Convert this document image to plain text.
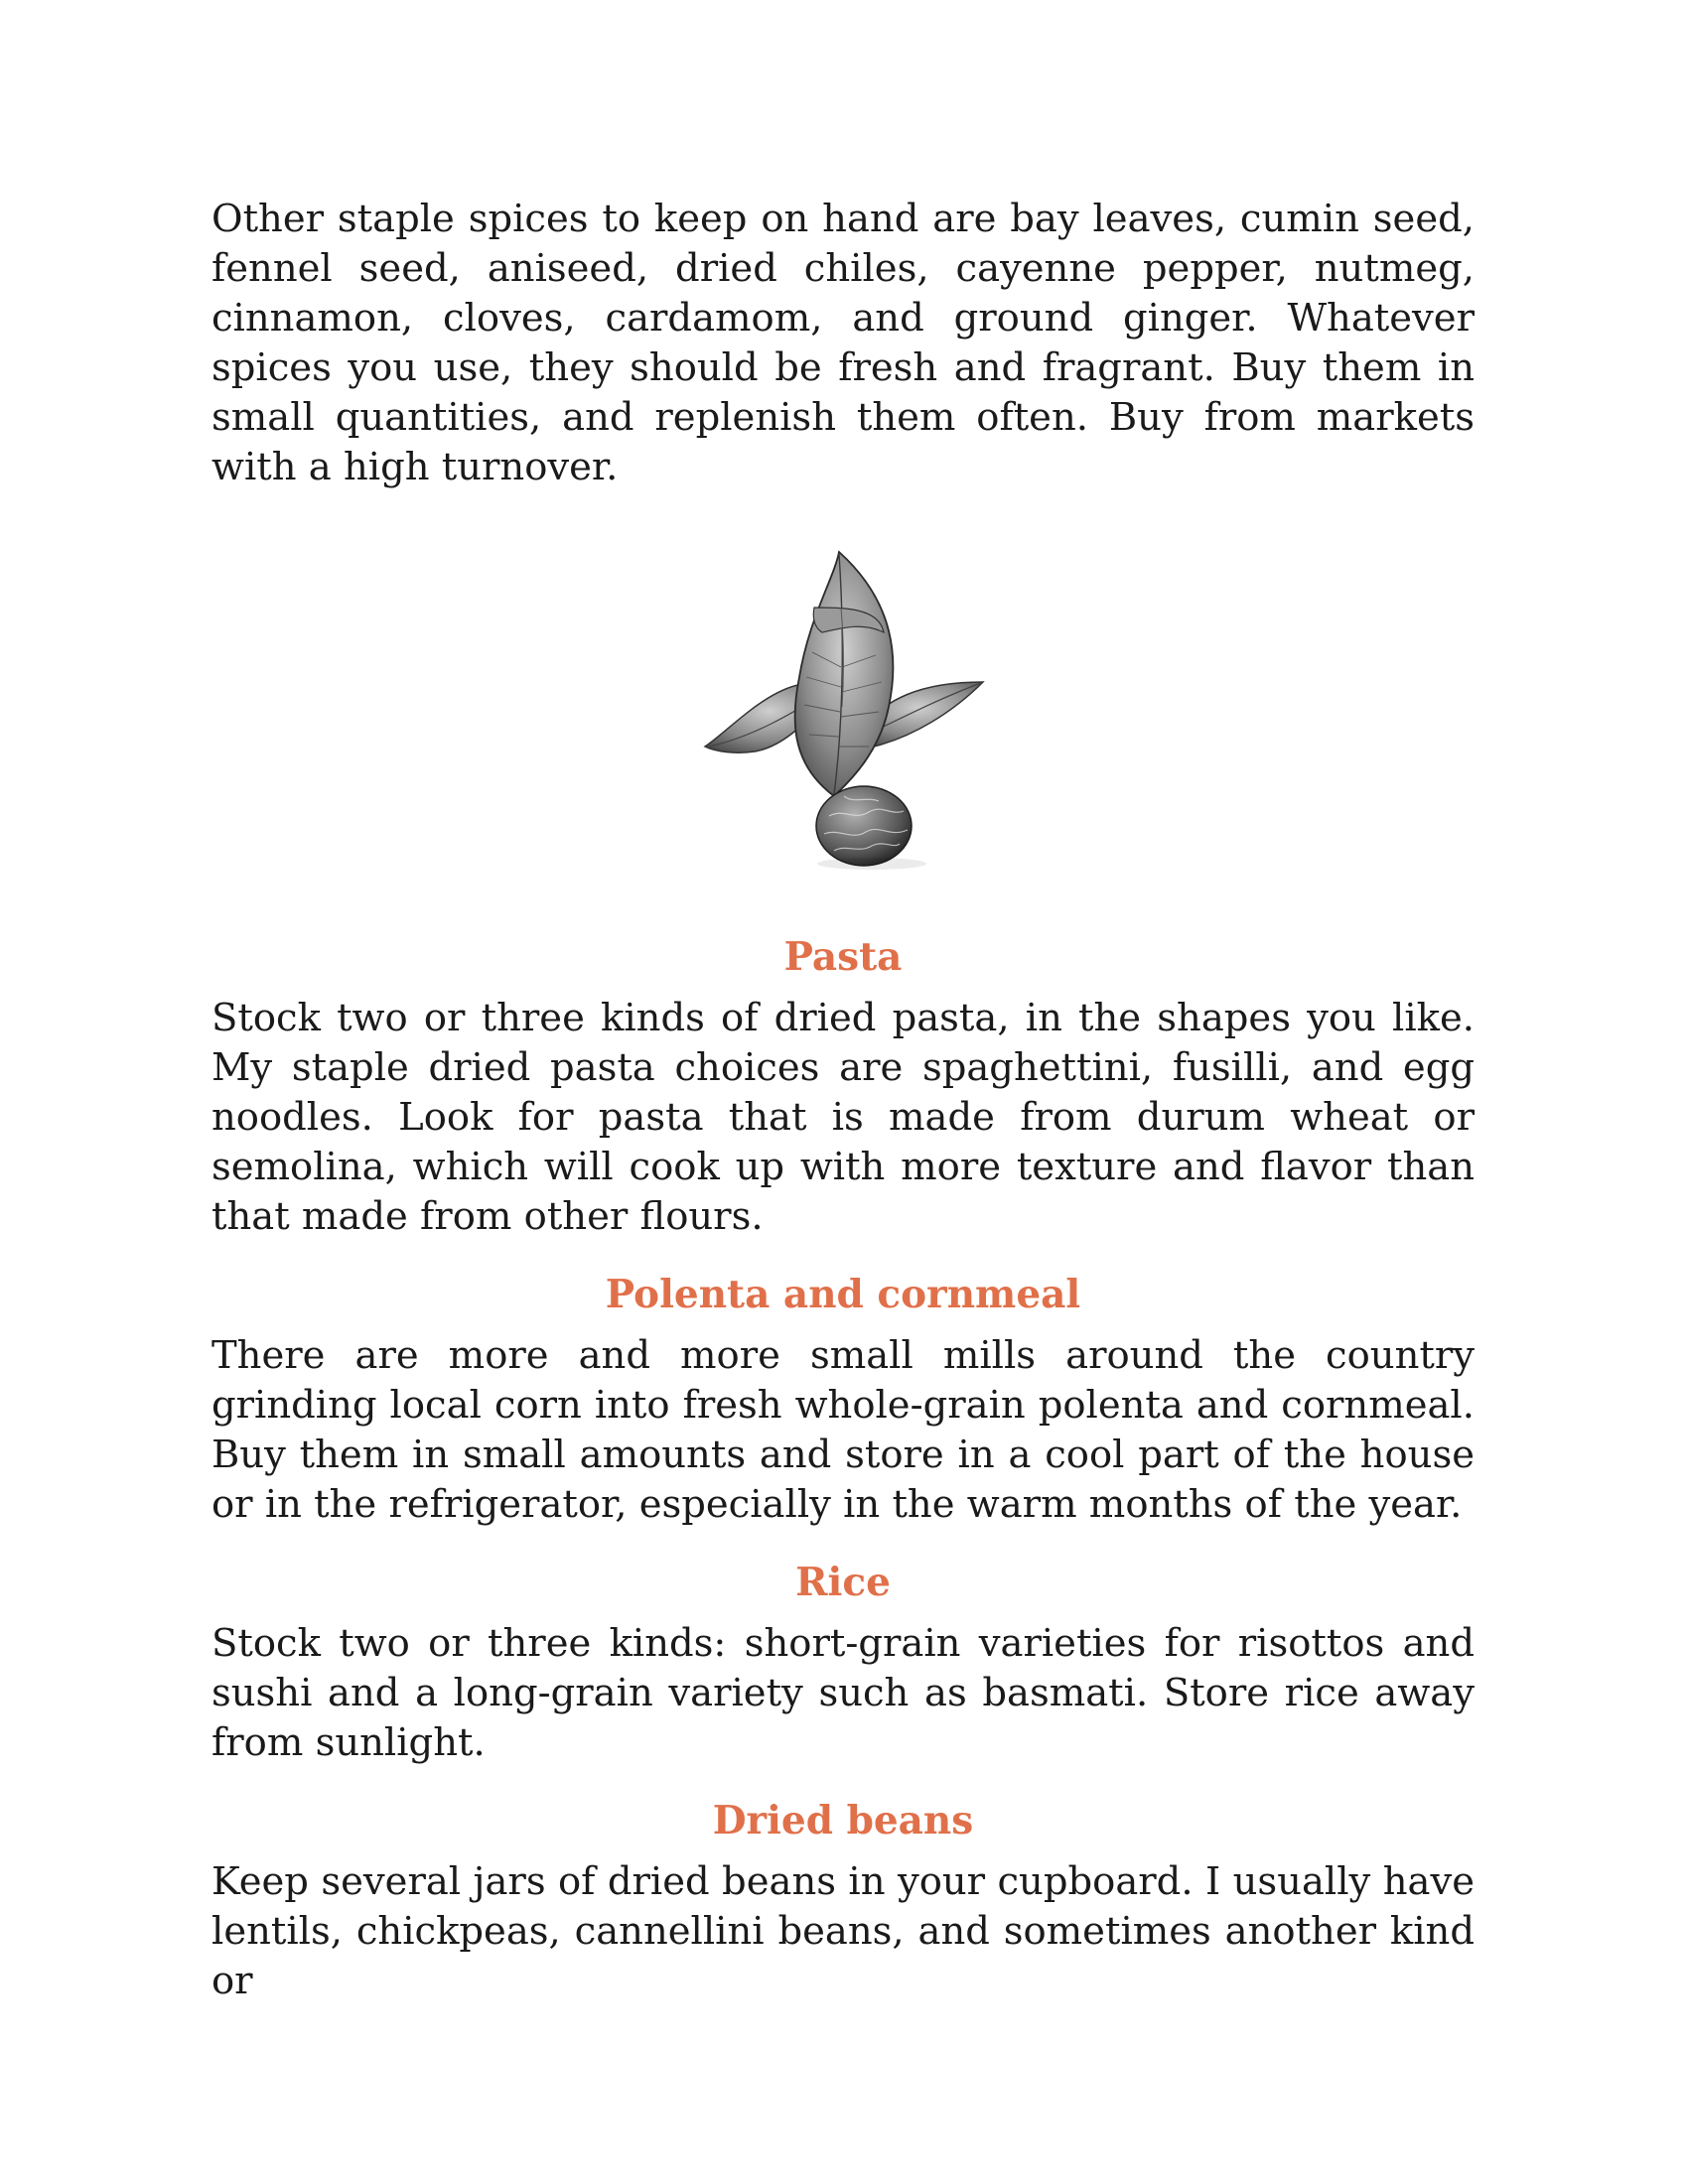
Other staple spices to keep on hand are bay leaves, cumin seed, fennel seed, aniseed, dried chiles, cayenne pepper, nutmeg, cinnamon, cloves, cardamom, and ground ginger. Whatever spices you use, they should be fresh and fragrant. Buy them in small quantities, and replenish them often. Buy from markets with a high turnover.

Pasta

Stock two or three kinds of dried pasta, in the shapes you like. My staple dried pasta choices are spaghettini, fusilli, and egg noodles. Look for pasta that is made from durum wheat or semolina, which will cook up with more texture and flavor than that made from other flours.

Polenta and cornmeal

There are more and more small mills around the country grinding local corn into fresh whole-grain polenta and cornmeal. Buy them in small amounts and store in a cool part of the house or in the refrigerator, especially in the warm months of the year.

Rice

Stock two or three kinds: short-grain varieties for risottos and sushi and a long-grain variety such as basmati. Store rice away from sunlight.

Dried beans

Keep several jars of dried beans in your cupboard. I usually have lentils, chickpeas, cannellini beans, and sometimes another kind or
